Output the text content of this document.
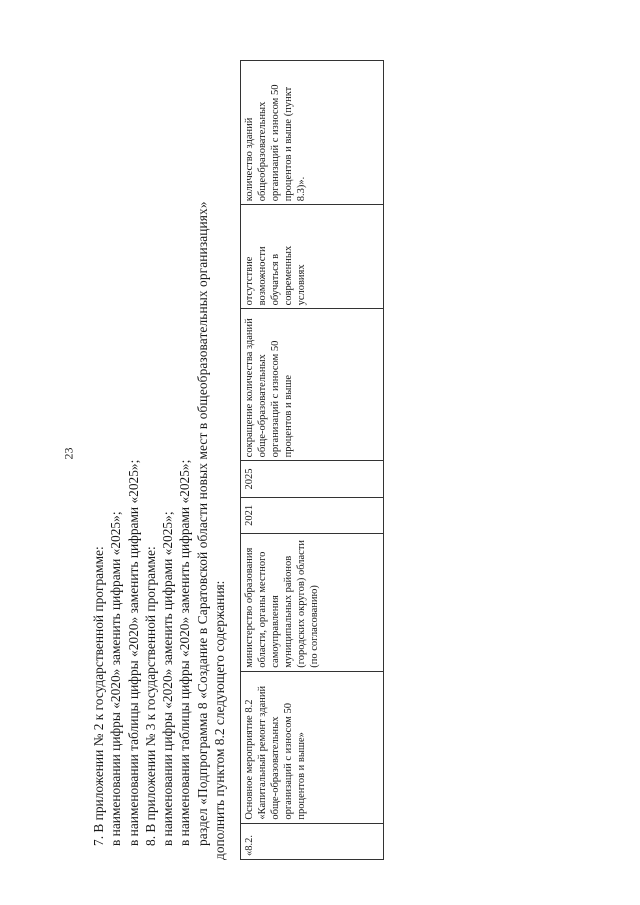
23
7. В приложении № 2 к государственной программе: в наименовании цифры «2020» заменить цифрами «2025»; в наименовании таблицы цифры «2020» заменить цифрами «2025»; 8. В приложении № 3 к государственной программе: в наименовании цифры «2020» заменить цифрами «2025»; в наименовании таблицы цифры «2020» заменить цифрами «2025»; раздел «Подпрограмма 8 «Создание в Саратовской области новых мест в общеобразовательных организациях» дополнить пунктом 8.2 следующего содержания: «8.2.	Основное мероприятие 8.2 «Капитальный ремонт зданий обще-образовательных организаций с износом 50 процентов и выше»	министерство образования области, органы местного самоуправления муниципальных районов (городских округов) области (по согласованию)	2021	2025	сокращение количества зданий обще-образовательных организаций с износом 50 процентов и выше	отсутствие возможности обучаться в современных условиях	количество зданий общеобразовательных организаций с износом 50 процентов и выше (пункт 8.3)».
